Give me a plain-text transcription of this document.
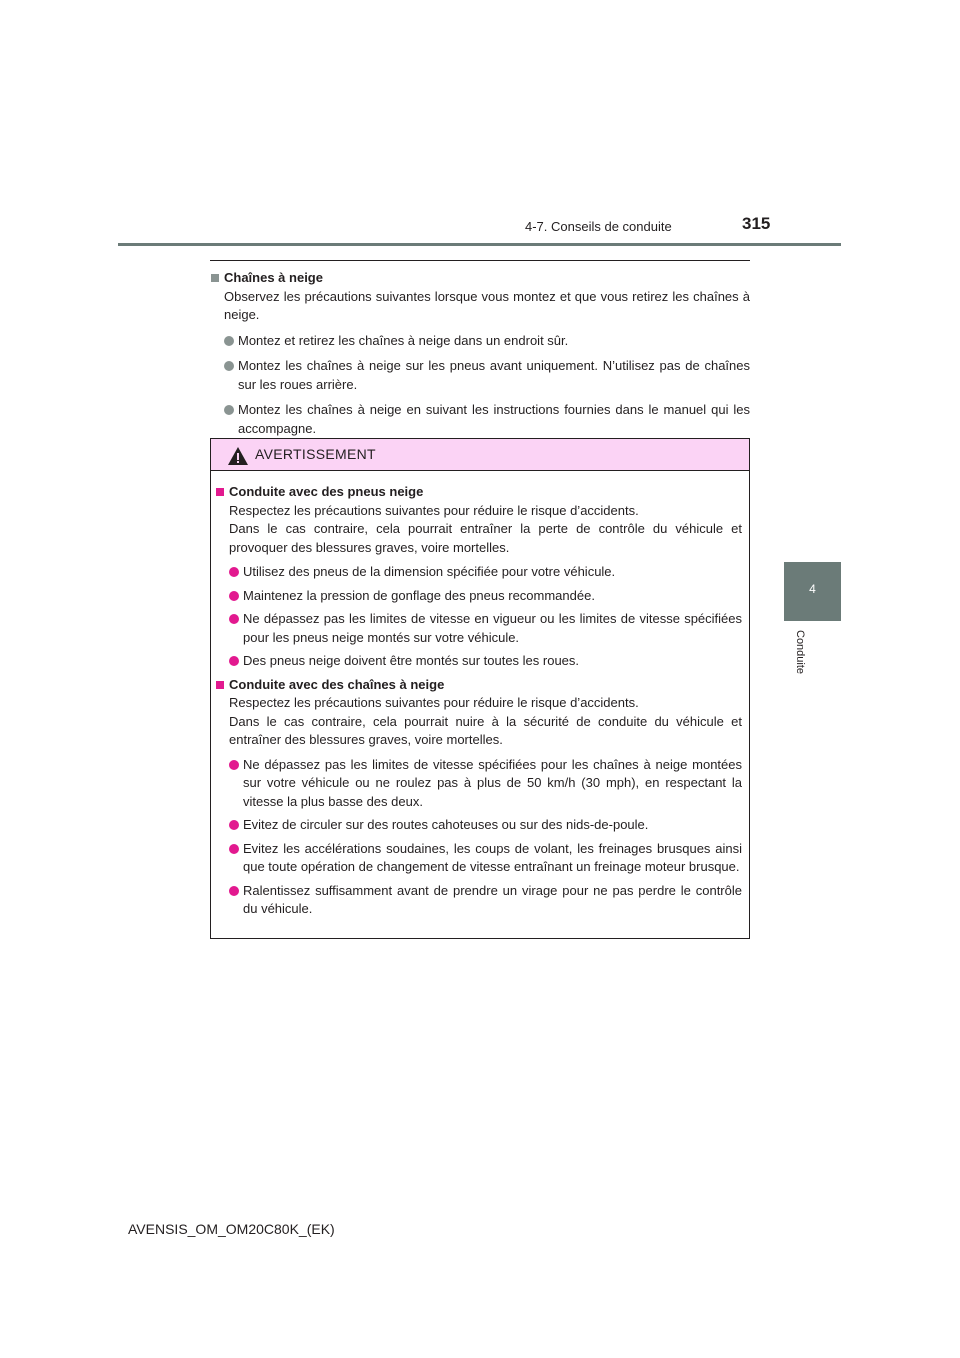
4-7. Conseils de conduite	315
4
Conduite
Chaînes à neige
Observez les précautions suivantes lorsque vous montez et que vous retirez les chaînes à neige.
Montez et retirez les chaînes à neige dans un endroit sûr.
Montez les chaînes à neige sur les pneus avant uniquement. N’utilisez pas de chaînes sur les roues arrière.
Montez les chaînes à neige en suivant les instructions fournies dans le manuel qui les accompagne.
AVERTISSEMENT
Conduite avec des pneus neige
Respectez les précautions suivantes pour réduire le risque d’accidents.
Dans le cas contraire, cela pourrait entraîner la perte de contrôle du véhicule et provoquer des blessures graves, voire mortelles.
Utilisez des pneus de la dimension spécifiée pour votre véhicule.
Maintenez la pression de gonflage des pneus recommandée.
Ne dépassez pas les limites de vitesse en vigueur ou les limites de vitesse spécifiées pour les pneus neige montés sur votre véhicule.
Des pneus neige doivent être montés sur toutes les roues.
Conduite avec des chaînes à neige
Respectez les précautions suivantes pour réduire le risque d’accidents.
Dans le cas contraire, cela pourrait nuire à la sécurité de conduite du véhicule et entraîner des blessures graves, voire mortelles.
Ne dépassez pas les limites de vitesse spécifiées pour les chaînes à neige montées sur votre véhicule ou ne roulez pas à plus de 50 km/h (30 mph), en respectant la vitesse la plus basse des deux.
Evitez de circuler sur des routes cahoteuses ou sur des nids-de-poule.
Evitez les accélérations soudaines, les coups de volant, les freinages brusques ainsi que toute opération de changement de vitesse entraînant un freinage moteur brusque.
Ralentissez suffisamment avant de prendre un virage pour ne pas perdre le contrôle du véhicule.
AVENSIS_OM_OM20C80K_(EK)
